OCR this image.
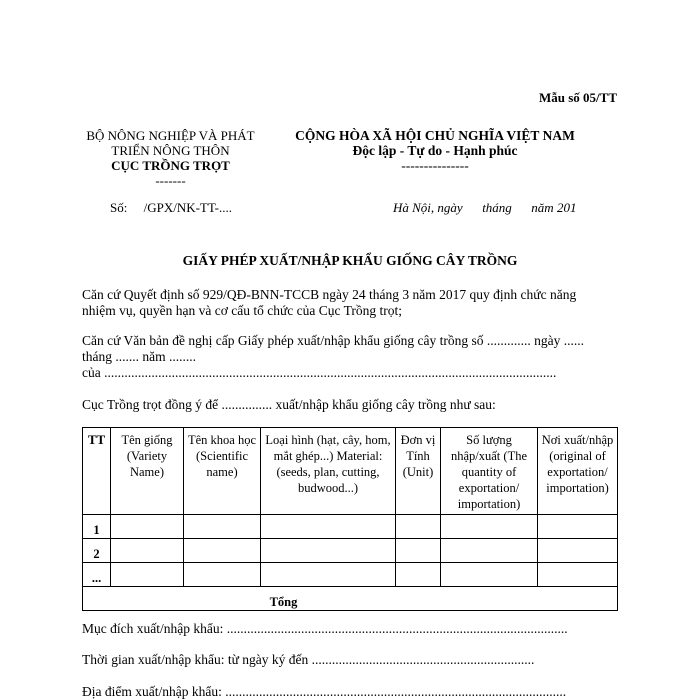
Mẫu số 05/TT
BỘ NÔNG NGHIỆP VÀ PHÁT
TRIỂN NÔNG THÔN
CỤC TRỒNG TRỌT
-------
CỘNG HÒA XÃ HỘI CHỦ NGHĨA VIỆT NAM
Độc lập - Tự do - Hạnh phúc
---------------
Số:     /GPX/NK-TT-....	Hà Nội, ngày      tháng      năm 201
GIẤY PHÉP XUẤT/NHẬP KHẨU GIỐNG CÂY TRỒNG
Căn cứ Quyết định số 929/QĐ-BNN-TCCB ngày 24 tháng 3 năm 2017 quy định chức năng
nhiệm vụ, quyền hạn và cơ cấu tổ chức của Cục Trồng trọt;
Căn cứ Văn bản đề nghị cấp Giấy phép xuất/nhập khẩu giống cây trồng số ............. ngày ......
tháng ....... năm ........
của ......................................................................................................................................
Cục Trồng trọt đồng ý để ............... xuất/nhập khẩu giống cây trồng như sau:
TT	Tên giống (Variety Name)	Tên khoa học (Scientific name)	Loại hình (hạt, cây, hom, mắt ghép...) Material: (seeds, plan, cutting, budwood...)	Đơn vị Tính (Unit)	Số lượng nhập/xuất (The quantity of exportation/ importation)	Nơi xuất/nhập (original of exportation/ importation)
1						
2						
...						
Tổng						
Mục đích xuất/nhập khẩu: .....................................................................................................
Thời gian xuất/nhập khẩu: từ ngày ký đến ..................................................................
Địa điểm xuất/nhập khẩu: .....................................................................................................
